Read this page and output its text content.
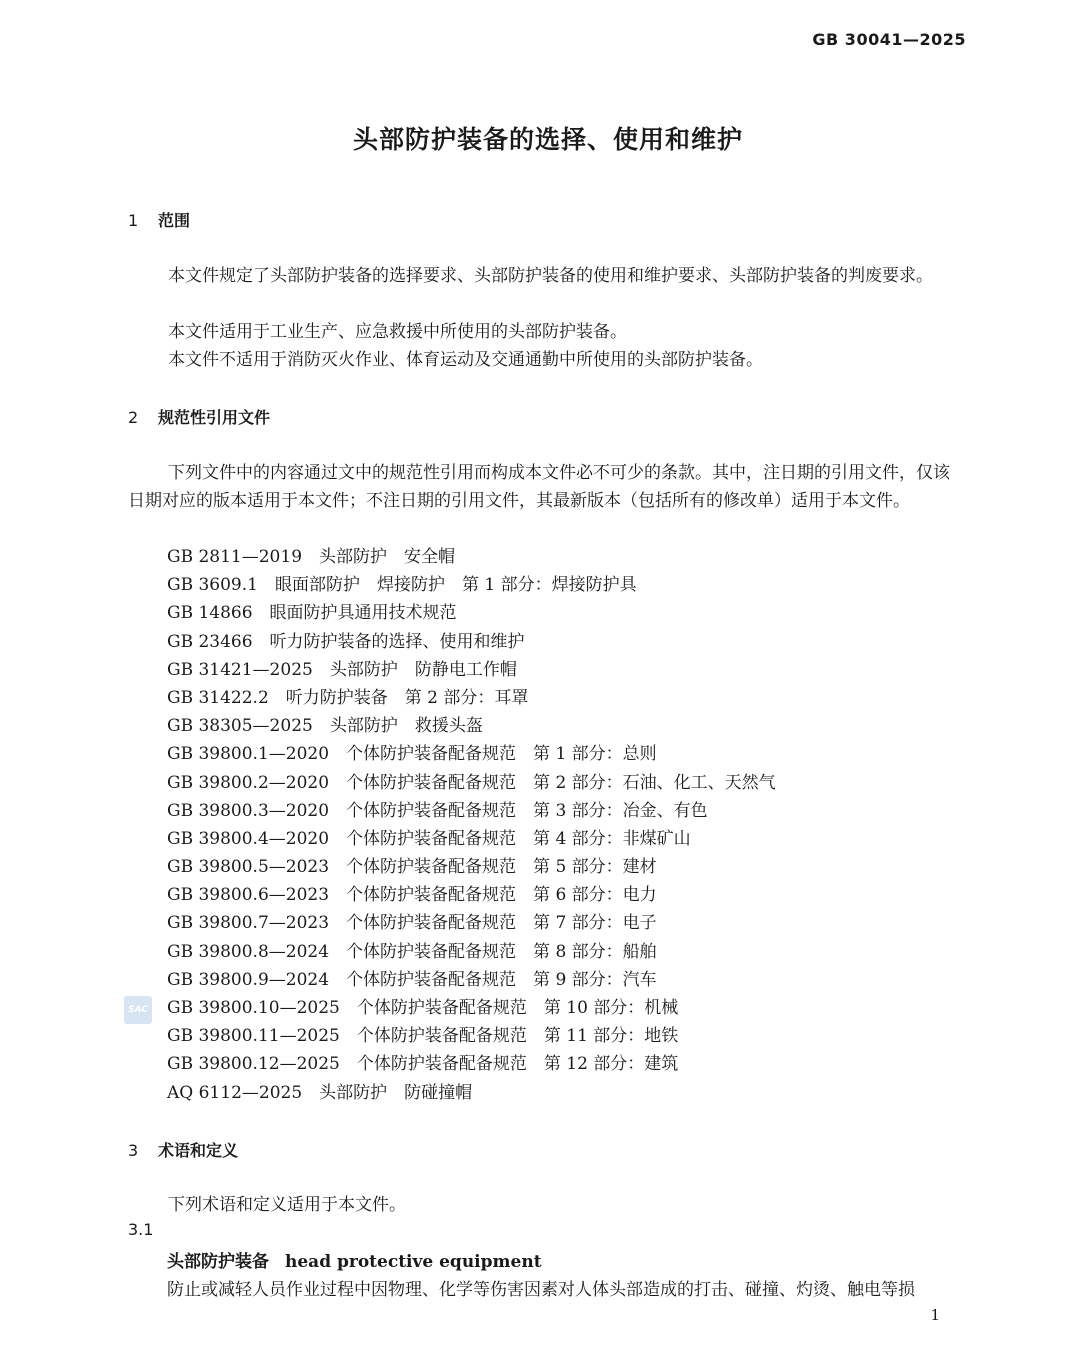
GB 30041—2025
头部防护装备的选择、使用和维护
1 范围
本文件规定了头部防护装备的选择要求、头部防护装备的使用和维护要求、头部防护装备的判废要求。
本文件适用于工业生产、应急救援中所使用的头部防护装备。
本文件不适用于消防灭火作业、体育运动及交通通勤中所使用的头部防护装备。
2 规范性引用文件
下列文件中的内容通过文中的规范性引用而构成本文件必不可少的条款。其中，注日期的引用文件，仅该日期对应的版本适用于本文件；不注日期的引用文件，其最新版本（包括所有的修改单）适用于本文件。
GB 2811—2019　头部防护　安全帽
GB 3609.1　眼面部防护　焊接防护　第 1 部分：焊接防护具
GB 14866　眼面防护具通用技术规范
GB 23466　听力防护装备的选择、使用和维护
GB 31421—2025　头部防护　防静电工作帽
GB 31422.2　听力防护装备　第 2 部分：耳罩
GB 38305—2025　头部防护　救援头盔
GB 39800.1—2020　个体防护装备配备规范　第 1 部分：总则
GB 39800.2—2020　个体防护装备配备规范　第 2 部分：石油、化工、天然气
GB 39800.3—2020　个体防护装备配备规范　第 3 部分：冶金、有色
GB 39800.4—2020　个体防护装备配备规范　第 4 部分：非煤矿山
GB 39800.5—2023　个体防护装备配备规范　第 5 部分：建材
GB 39800.6—2023　个体防护装备配备规范　第 6 部分：电力
GB 39800.7—2023　个体防护装备配备规范　第 7 部分：电子
GB 39800.8—2024　个体防护装备配备规范　第 8 部分：船舶
GB 39800.9—2024　个体防护装备配备规范　第 9 部分：汽车
GB 39800.10—2025　个体防护装备配备规范　第 10 部分：机械
GB 39800.11—2025　个体防护装备配备规范　第 11 部分：地铁
GB 39800.12—2025　个体防护装备配备规范　第 12 部分：建筑
AQ 6112—2025　头部防护　防碰撞帽
SAC
3 术语和定义
下列术语和定义适用于本文件。
3.1
头部防护装备 head protective equipment
防止或减轻人员作业过程中因物理、化学等伤害因素对人体头部造成的打击、碰撞、灼烫、触电等损
1
